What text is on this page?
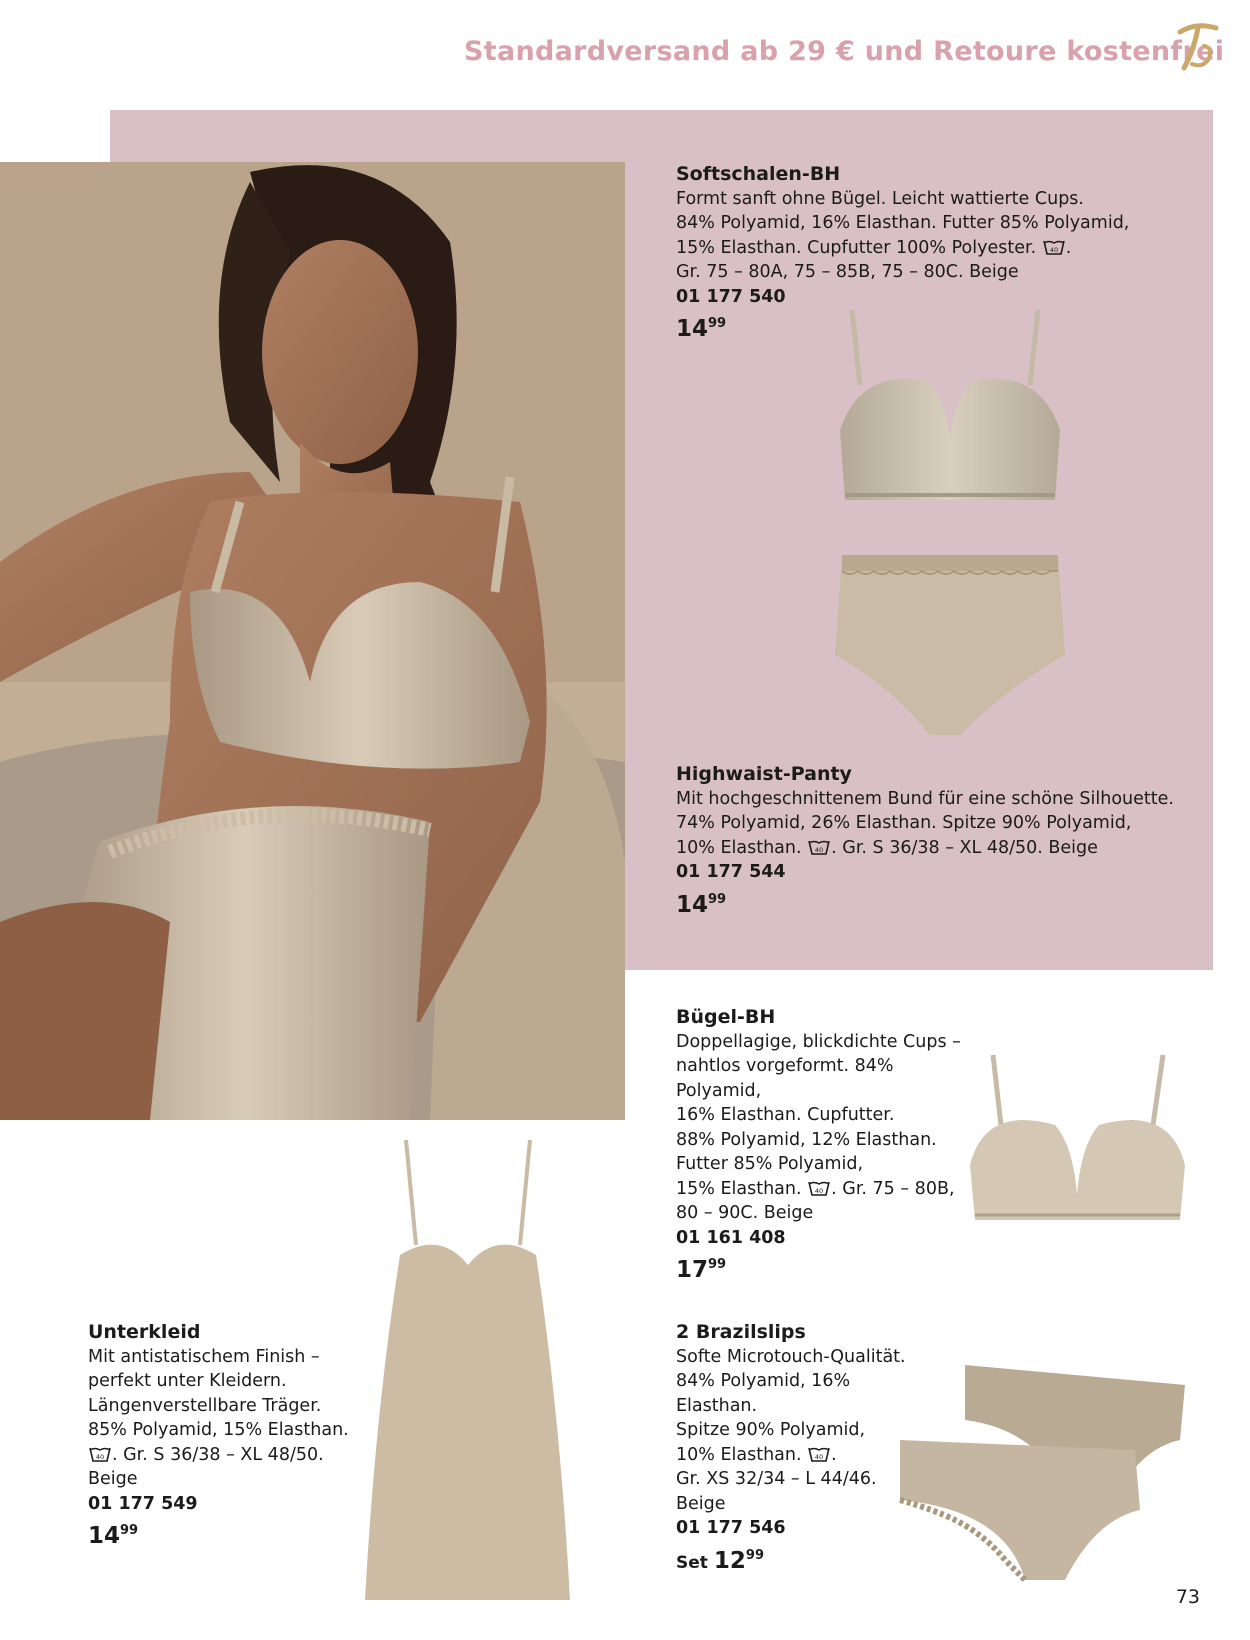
Standardversand ab 29 € und Retoure kostenfrei
Softschalen-BH
Formt sanft ohne Bügel. Leicht wattierte Cups.
84% Polyamid, 16% Elasthan. Futter 85% Polyamid,
15% Elasthan. Cupfutter 100% Polyester. 40 .
Gr. 75 – 80A, 75 – 85B, 75 – 80C. Beige
01 177 540
$14^{99}$
Highwaist-Panty
Mit hochgeschnittenem Bund für eine schöne Silhouette.
74% Polyamid, 26% Elasthan. Spitze 90% Polyamid,
10% Elasthan. 40 . Gr. S 36/38 – XL 48/50. Beige
01 177 544
$14^{99}$
Bügel-BH
Doppellagige, blickdichte Cups –
nahtlos vorgeformt. 84% Polyamid,
16% Elasthan. Cupfutter.
88% Polyamid, 12% Elasthan.
Futter 85% Polyamid,
15% Elasthan. 40 . Gr. 75 – 80B,
80 – 90C. Beige
01 161 408
$17^{99}$
Unterkleid
Mit antistatischem Finish –
perfekt unter Kleidern.
Längenverstellbare Träger.
85% Polyamid, 15% Elasthan.
40 . Gr. S 36/38 – XL 48/50.
Beige
01 177 549
$14^{99}$
2 Brazilslips
Softe Microtouch-Qualität.
84% Polyamid, 16% Elasthan.
Spitze 90% Polyamid,
10% Elasthan. 40 .
Gr. XS 32/34 – L 44/46.
Beige
01 177 546
Set $12^{99}$
73
